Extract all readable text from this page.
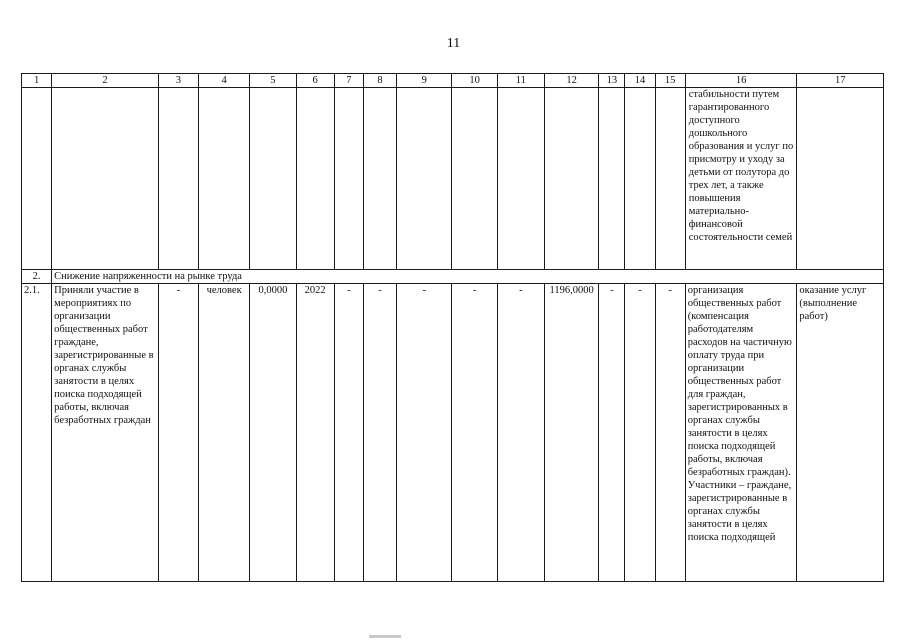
11
1	2	3	4	5	6	7	8	9	10	11	12	13	14	15	16	17
															стабильности путем гарантированного доступного дошкольного образования и услуг по присмотру и уходу за детьми от полутора до трех лет, а также повышения материально-финансовой состоятельности семей	
2.	Снижение напряженности на рынке труда															
2.1.	Приняли участие в мероприятиях по организации общественных работ граждане, зарегистрированные в органах службы занятости в целях поиска подходящей работы, включая безработных граждан	-	человек	0,0000	2022	-	-	-	-	-	1196,0000	-	-	-	организация общественных работ (компенсация работодателям расходов на частичную оплату труда при организации общественных работ для граждан, зарегистрированных в органах службы занятости в целях поиска подходящей работы, включая безработных граждан). Участники – граждане, зарегистрированные в органах службы занятости в целях поиска подходящей	оказание услуг (выполнение работ)
